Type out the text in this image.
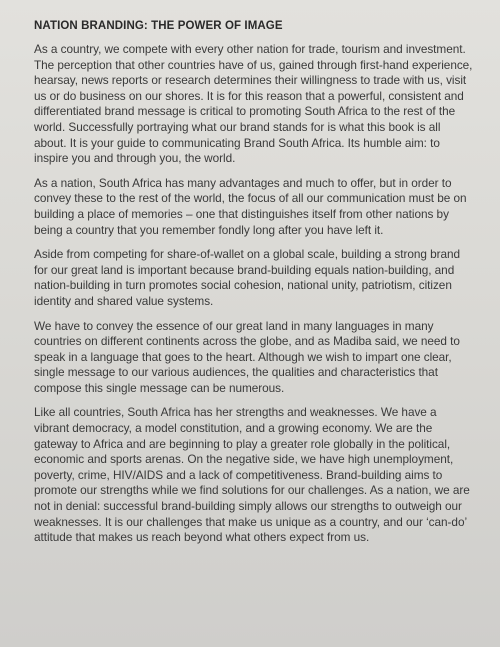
NATION BRANDING: THE POWER OF IMAGE

As a country, we compete with every other nation for trade, tourism and investment. The perception that other countries have of us, gained through first-hand experience, hearsay, news reports or research determines their willingness to trade with us, visit us or do business on our shores. It is for this reason that a powerful, consistent and differentiated brand message is critical to promoting South Africa to the rest of the world. Successfully portraying what our brand stands for is what this book is all about. It is your guide to communicating Brand South Africa. Its humble aim: to inspire you and through you, the world.

As a nation, South Africa has many advantages and much to offer, but in order to convey these to the rest of the world, the focus of all our communication must be on building a place of memories – one that distinguishes itself from other nations by being a country that you remember fondly long after you have left it.

Aside from competing for share-of-wallet on a global scale, building a strong brand for our great land is important because brand-building equals nation-building, and nation-building in turn promotes social cohesion, national unity, patriotism, citizen identity and shared value systems.

We have to convey the essence of our great land in many languages in many countries on different continents across the globe, and as Madiba said, we need to speak in a language that goes to the heart. Although we wish to impart one clear, single message to our various audiences, the qualities and characteristics that compose this single message can be numerous.

Like all countries, South Africa has her strengths and weaknesses. We have a vibrant democracy, a model constitution, and a growing economy. We are the gateway to Africa and are beginning to play a greater role globally in the political, economic and sports arenas. On the negative side, we have high unemployment, poverty, crime, HIV/AIDS and a lack of competitiveness. Brand-building aims to promote our strengths while we find solutions for our challenges. As a nation, we are not in denial: successful brand-building simply allows our strengths to outweigh our weaknesses. It is our challenges that make us unique as a country, and our ‘can-do’ attitude that makes us reach beyond what others expect from us.
